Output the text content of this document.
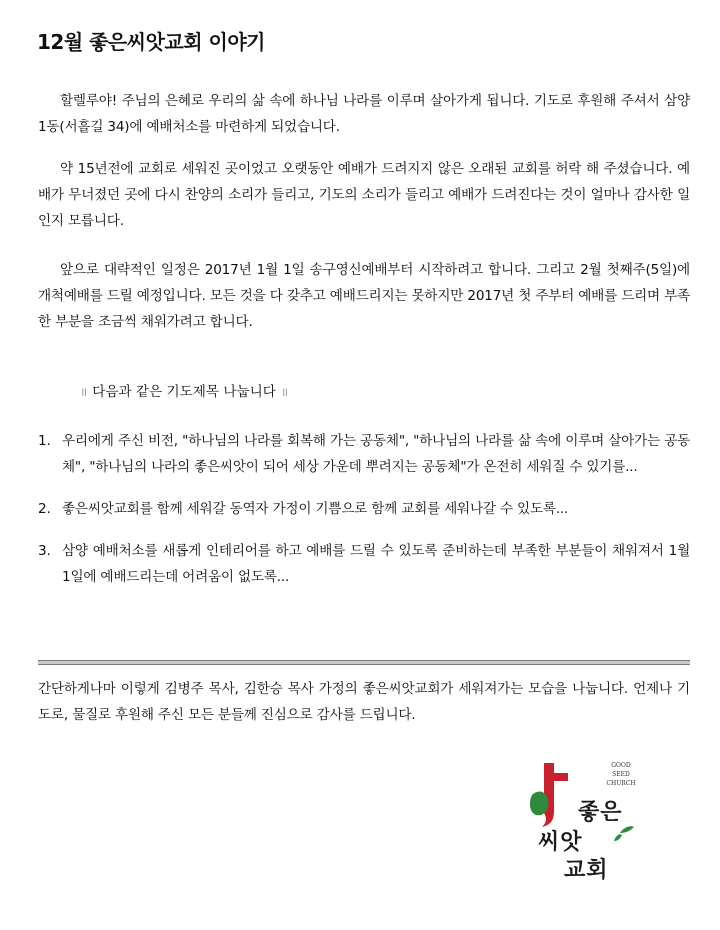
12월 좋은씨앗교회 이야기

할렐루야! 주님의 은혜로 우리의 삶 속에 하나님 나라를 이루며 살아가게 됩니다. 기도로 후원해 주셔서 삼양 1동(서흘길 34)에 예배처소를 마련하게 되었습니다.

약 15년전에 교회로 세워진 곳이었고 오랫동안 예배가 드려지지 않은 오래된 교회를 허락 해 주셨습니다. 예배가 무너졌던 곳에 다시 찬양의 소리가 들리고, 기도의 소리가 들리고 예배가 드려진다는 것이 얼마나 감사한 일인지 모릅니다.

앞으로 대략적인 일정은 2017년 1월 1일 송구영신예배부터 시작하려고 합니다. 그리고 2월 첫째주(5일)에 개척예배를 드릴 예정입니다. 모든 것을 다 갖추고 예배드리지는 못하지만 2017년 첫 주부터 예배를 드리며 부족한 부분을 조금씩 채워가려고 합니다.

॥ 다음과 같은 기도제목 나눕니다 ॥
1. 우리에게 주신 비전, "하나님의 나라를 회복해 가는 공동체", "하나님의 나라를 삶 속에 이루며 살아가는 공동체", "하나님의 나라의 좋은씨앗이 되어 세상 가운데 뿌려지는 공동체"가 온전히 세워질 수 있기를...
2. 좋은씨앗교회를 함께 세워갈 동역자 가정이 기쁨으로 함께 교회를 세워나갈 수 있도록...
3. 삼양 예배처소를 새롭게 인테리어를 하고 예배를 드릴 수 있도록 준비하는데 부족한 부분들이 채워져서 1월 1일에 예배드리는데 어려움이 없도록...

간단하게나마 이렇게 김병주 목사, 김한승 목사 가정의 좋은씨앗교회가 세워져가는 모습을 나눕니다. 언제나 기도로, 물질로 후원해 주신 모든 분들께 진심으로 감사를 드립니다.

GOOD
SEED
CHURCH
좋은
씨앗
교회
